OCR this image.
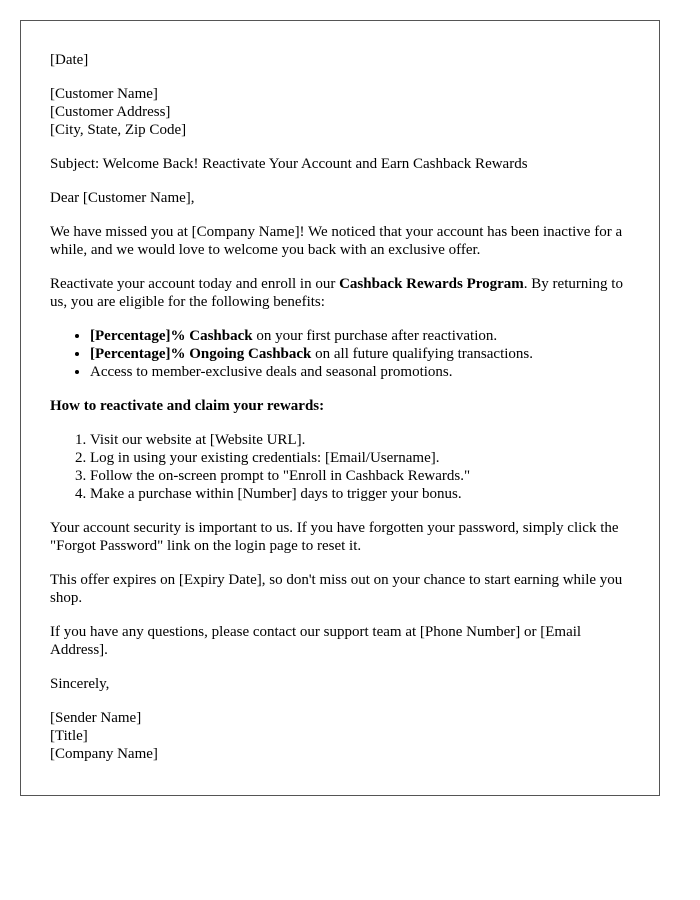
[Date]

[Customer Name]
[Customer Address]
[City, State, Zip Code]

Subject: Welcome Back! Reactivate Your Account and Earn Cashback Rewards

Dear [Customer Name],

We have missed you at [Company Name]! We noticed that your account has been inactive for a while, and we would love to welcome you back with an exclusive offer.

Reactivate your account today and enroll in our Cashback Rewards Program. By returning to us, you are eligible for the following benefits:

• [Percentage]% Cashback on your first purchase after reactivation.
• [Percentage]% Ongoing Cashback on all future qualifying transactions.
• Access to member-exclusive deals and seasonal promotions.

How to reactivate and claim your rewards:

1. Visit our website at [Website URL].
2. Log in using your existing credentials: [Email/Username].
3. Follow the on-screen prompt to "Enroll in Cashback Rewards."
4. Make a purchase within [Number] days to trigger your bonus.

Your account security is important to us. If you have forgotten your password, simply click the "Forgot Password" link on the login page to reset it.

This offer expires on [Expiry Date], so don't miss out on your chance to start earning while you shop.

If you have any questions, please contact our support team at [Phone Number] or [Email Address].

Sincerely,

[Sender Name]
[Title]
[Company Name]
